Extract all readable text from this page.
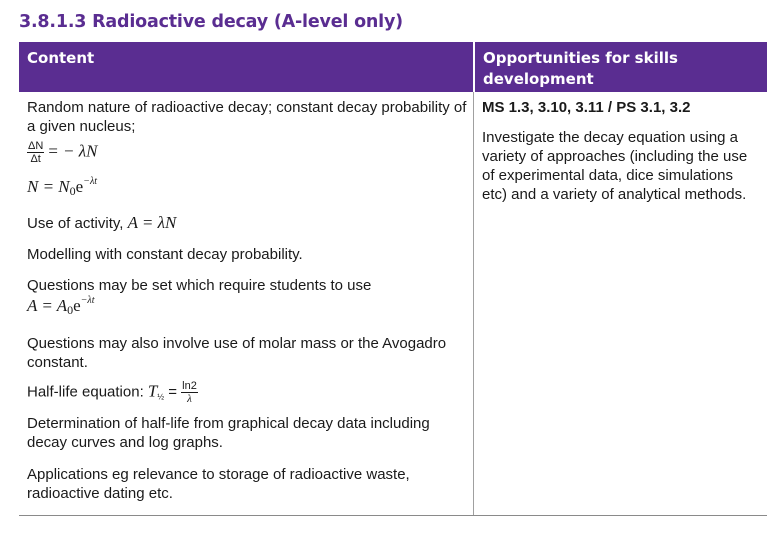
3.8.1.3 Radioactive decay (A-level only)
Content	Opportunities for skills development

Random nature of radioactive decay; constant decay probability of a given nucleus;

$\frac{\Delta N}{\Delta t}$ = − λN

$N = N_0e^{-\lambda t}$

Use of activity, A = λN

Modelling with constant decay probability.

Questions may be set which require students to use

$A = A_0e^{-\lambda t}$

Questions may also involve use of molar mass or the Avogadro constant.

Half-life equation: $T_{\frac{1}{2}} = \frac{\ln 2}{\lambda}$

Determination of half-life from graphical decay data including decay curves and log graphs.

Applications eg relevance to storage of radioactive waste, radioactive dating etc.

MS 1.3, 3.10, 3.11 / PS 3.1, 3.2

Investigate the decay equation using a variety of approaches (including the use of experimental data, dice simulations etc) and a variety of analytical methods.
